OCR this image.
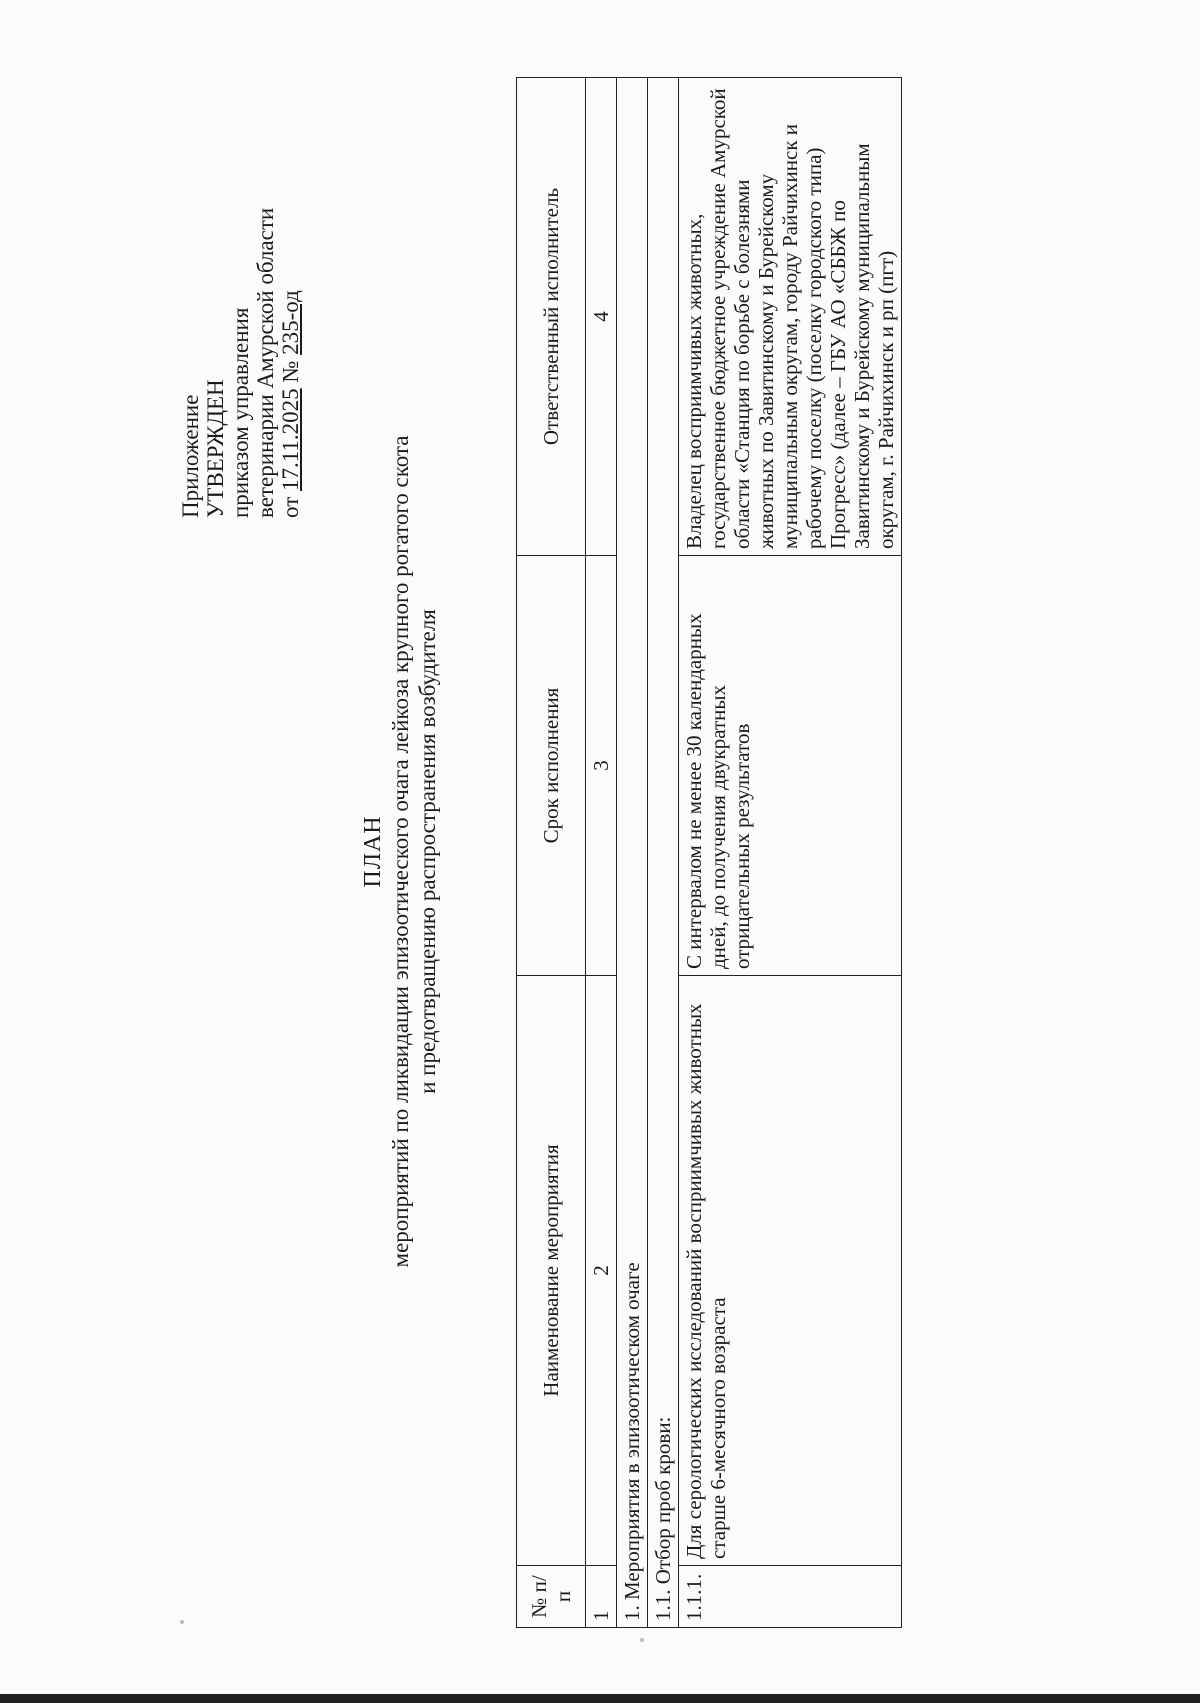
Приложение УТВЕРЖДЕН приказом управления ветеринарии Амурской области от 17.11.2025 № 235-од
ПЛАН мероприятий по ликвидации эпизоотического очага лейкоза крупного рогатого скота и предотвращению распространения возбудителя
№ п/п	Наименование мероприятия	Срок исполнения	Ответственный исполнитель
1	2	3	4
1. Мероприятия в эпизоотическом очаге			
1.1. Отбор проб крови:			
1.1.1.	Для серологических исследований восприимчивых животных старше 6-месячного возраста	С интервалом не менее 30 календарных дней, до получения двукратных отрицательных результатов	Владелец восприимчивых животных, государственное бюджетное учреждение Амурской области «Станция по борьбе с болезнями животных по Завитинскому и Бурейскому муниципальным округам, городу Райчихинск и рабочему поселку (поселку городского типа) Прогресс» (далее – ГБУ АО «СББЖ по Завитинскому и Бурейскому муниципальным округам, г. Райчихинск и рп (пгт)
